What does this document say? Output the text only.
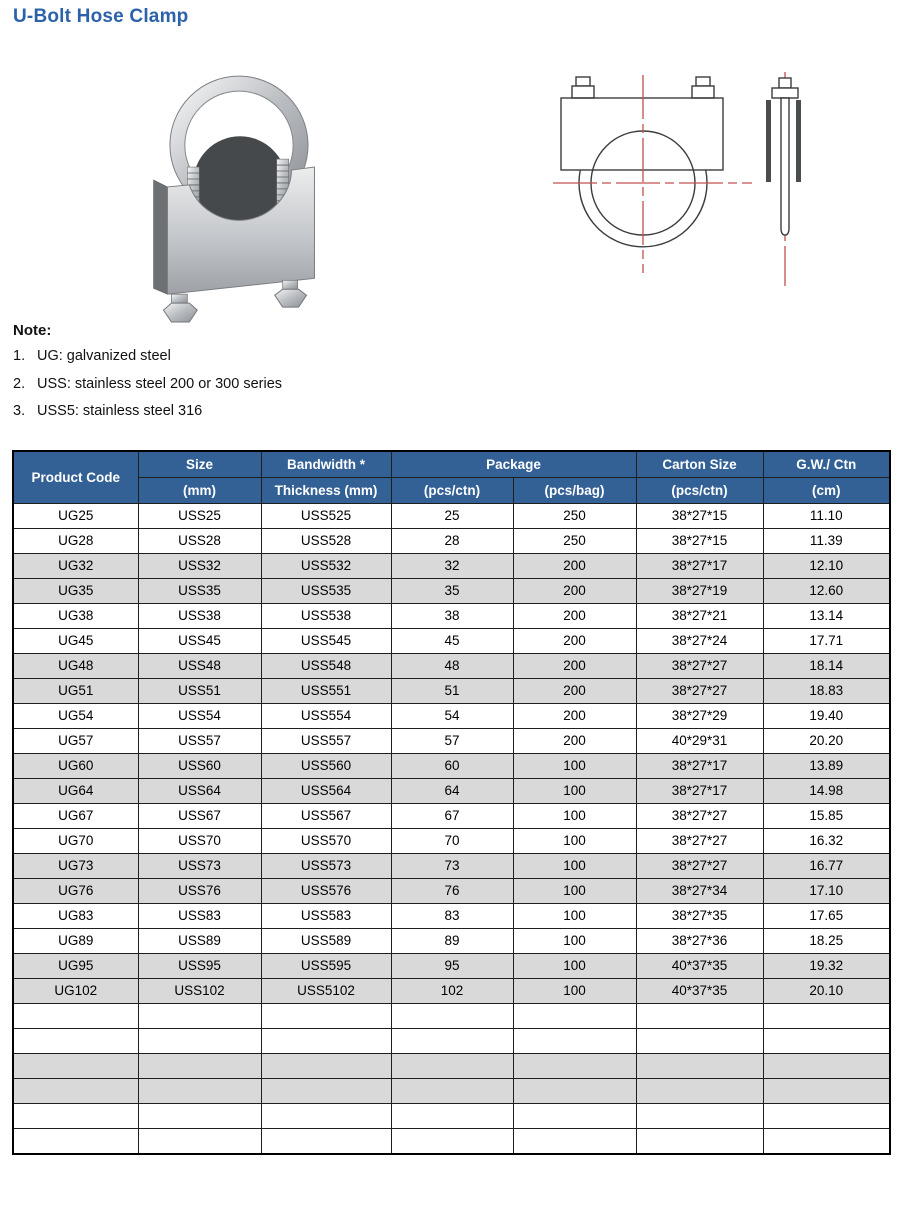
U-Bolt Hose Clamp
Note:
1. UG: galvanized steel
2. USS: stainless steel 200 or 300 series
3. USS5: stainless steel 316
Product Code	Size	Bandwidth *	Package		Carton Size	G.W./ Ctn
	(mm)	Thickness (mm)	(pcs/ctn)	(pcs/bag)	(pcs/ctn)	(cm)
UG25	USS25	USS525	25	250	38*27*15	11.10
UG28	USS28	USS528	28	250	38*27*15	11.39
UG32	USS32	USS532	32	200	38*27*17	12.10
UG35	USS35	USS535	35	200	38*27*19	12.60
UG38	USS38	USS538	38	200	38*27*21	13.14
UG45	USS45	USS545	45	200	38*27*24	17.71
UG48	USS48	USS548	48	200	38*27*27	18.14
UG51	USS51	USS551	51	200	38*27*27	18.83
UG54	USS54	USS554	54	200	38*27*29	19.40
UG57	USS57	USS557	57	200	40*29*31	20.20
UG60	USS60	USS560	60	100	38*27*17	13.89
UG64	USS64	USS564	64	100	38*27*17	14.98
UG67	USS67	USS567	67	100	38*27*27	15.85
UG70	USS70	USS570	70	100	38*27*27	16.32
UG73	USS73	USS573	73	100	38*27*27	16.77
UG76	USS76	USS576	76	100	38*27*34	17.10
UG83	USS83	USS583	83	100	38*27*35	17.65
UG89	USS89	USS589	89	100	38*27*36	18.25
UG95	USS95	USS595	95	100	40*37*35	19.32
UG102	USS102	USS5102	102	100	40*37*35	20.10
